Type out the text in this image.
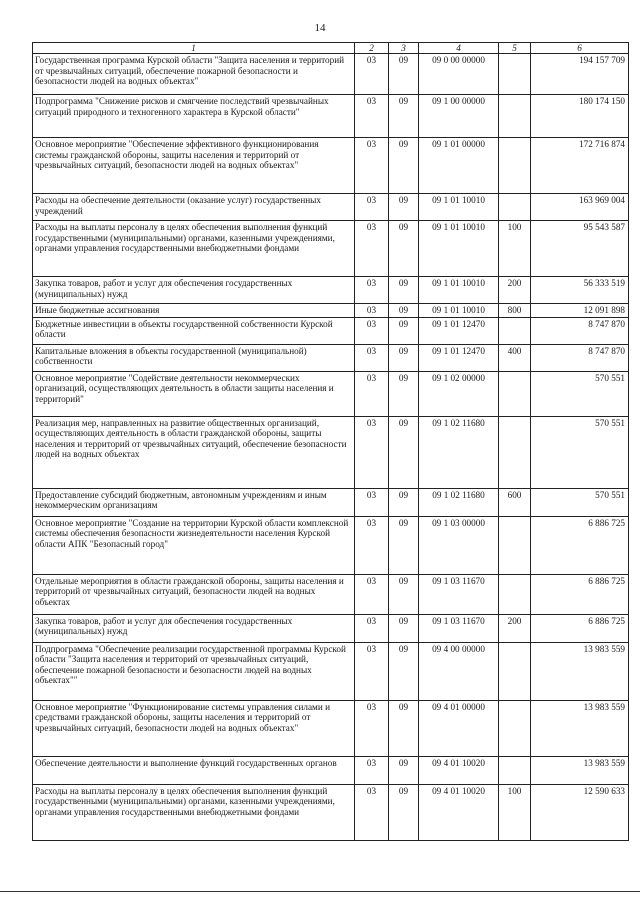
14
1	2	3	4	5	6
Государственная программа Курской области "Защита населения и территорий от чрезвычайных ситуаций, обеспечение пожарной безопасности и безопасности людей на водных объектах"	03	09	09 0 00 00000		194 157 709
Подпрограмма "Снижение рисков и смягчение последствий чрезвычайных ситуаций природного и техногенного характера в Курской области"	03	09	09 1 00 00000		180 174 150
Основное мероприятие "Обеспечение эффективного функционирования системы гражданской обороны, защиты населения и территорий от чрезвычайных ситуаций, безопасности людей на водных объектах"	03	09	09 1 01 00000		172 716 874
Расходы на обеспечение деятельности (оказание услуг) государственных учреждений	03	09	09 1 01 10010		163 969 004
Расходы на выплаты персоналу в целях обеспечения выполнения функций государственными (муниципальными) органами, казенными учреждениями, органами управления государственными внебюджетными фондами	03	09	09 1 01 10010	100	95 543 587
Закупка товаров, работ и услуг для обеспечения государственных (муниципальных) нужд	03	09	09 1 01 10010	200	56 333 519
Иные бюджетные ассигнования	03	09	09 1 01 10010	800	12 091 898
Бюджетные инвестиции в объекты государственной собственности Курской области	03	09	09 1 01 12470		8 747 870
Капитальные вложения в объекты государственной (муниципальной) собственности	03	09	09 1 01 12470	400	8 747 870
Основное мероприятие "Содействие деятельности некоммерческих организаций, осуществляющих деятельность в области защиты населения и территорий"	03	09	09 1 02 00000		570 551
Реализация мер, направленных на развитие общественных организаций, осуществляющих деятельность в области гражданской обороны, защиты населения и территорий от чрезвычайных ситуаций, обеспечение безопасности людей на водных объектах	03	09	09 1 02 11680		570 551
Предоставление субсидий бюджетным, автономным учреждениям и иным некоммерческим организациям	03	09	09 1 02 11680	600	570 551
Основное мероприятие "Создание на территории Курской области комплексной системы обеспечения безопасности жизнедеятельности населения Курской области АПК "Безопасный город"	03	09	09 1 03 00000		6 886 725
Отдельные мероприятия в области гражданской обороны, защиты населения и территорий от чрезвычайных ситуаций, безопасности людей на водных объектах	03	09	09 1 03 11670		6 886 725
Закупка товаров, работ и услуг для обеспечения государственных (муниципальных) нужд	03	09	09 1 03 11670	200	6 886 725
Подпрограмма "Обеспечение реализации государственной программы Курской области "Защита населения и территорий от чрезвычайных ситуаций, обеспечение пожарной безопасности и безопасности людей на водных объектах""	03	09	09 4 00 00000		13 983 559
Основное мероприятие "Функционирование системы управления силами и средствами гражданской обороны, защиты населения и территорий от чрезвычайных ситуаций, безопасности людей на водных объектах"	03	09	09 4 01 00000		13 983 559
Обеспечение деятельности и выполнение функций государственных органов	03	09	09 4 01 10020		13 983 559
Расходы на выплаты персоналу в целях обеспечения выполнения функций государственными (муниципальными) органами, казенными учреждениями, органами управления государственными внебюджетными фондами	03	09	09 4 01 10020	100	12 590 633
